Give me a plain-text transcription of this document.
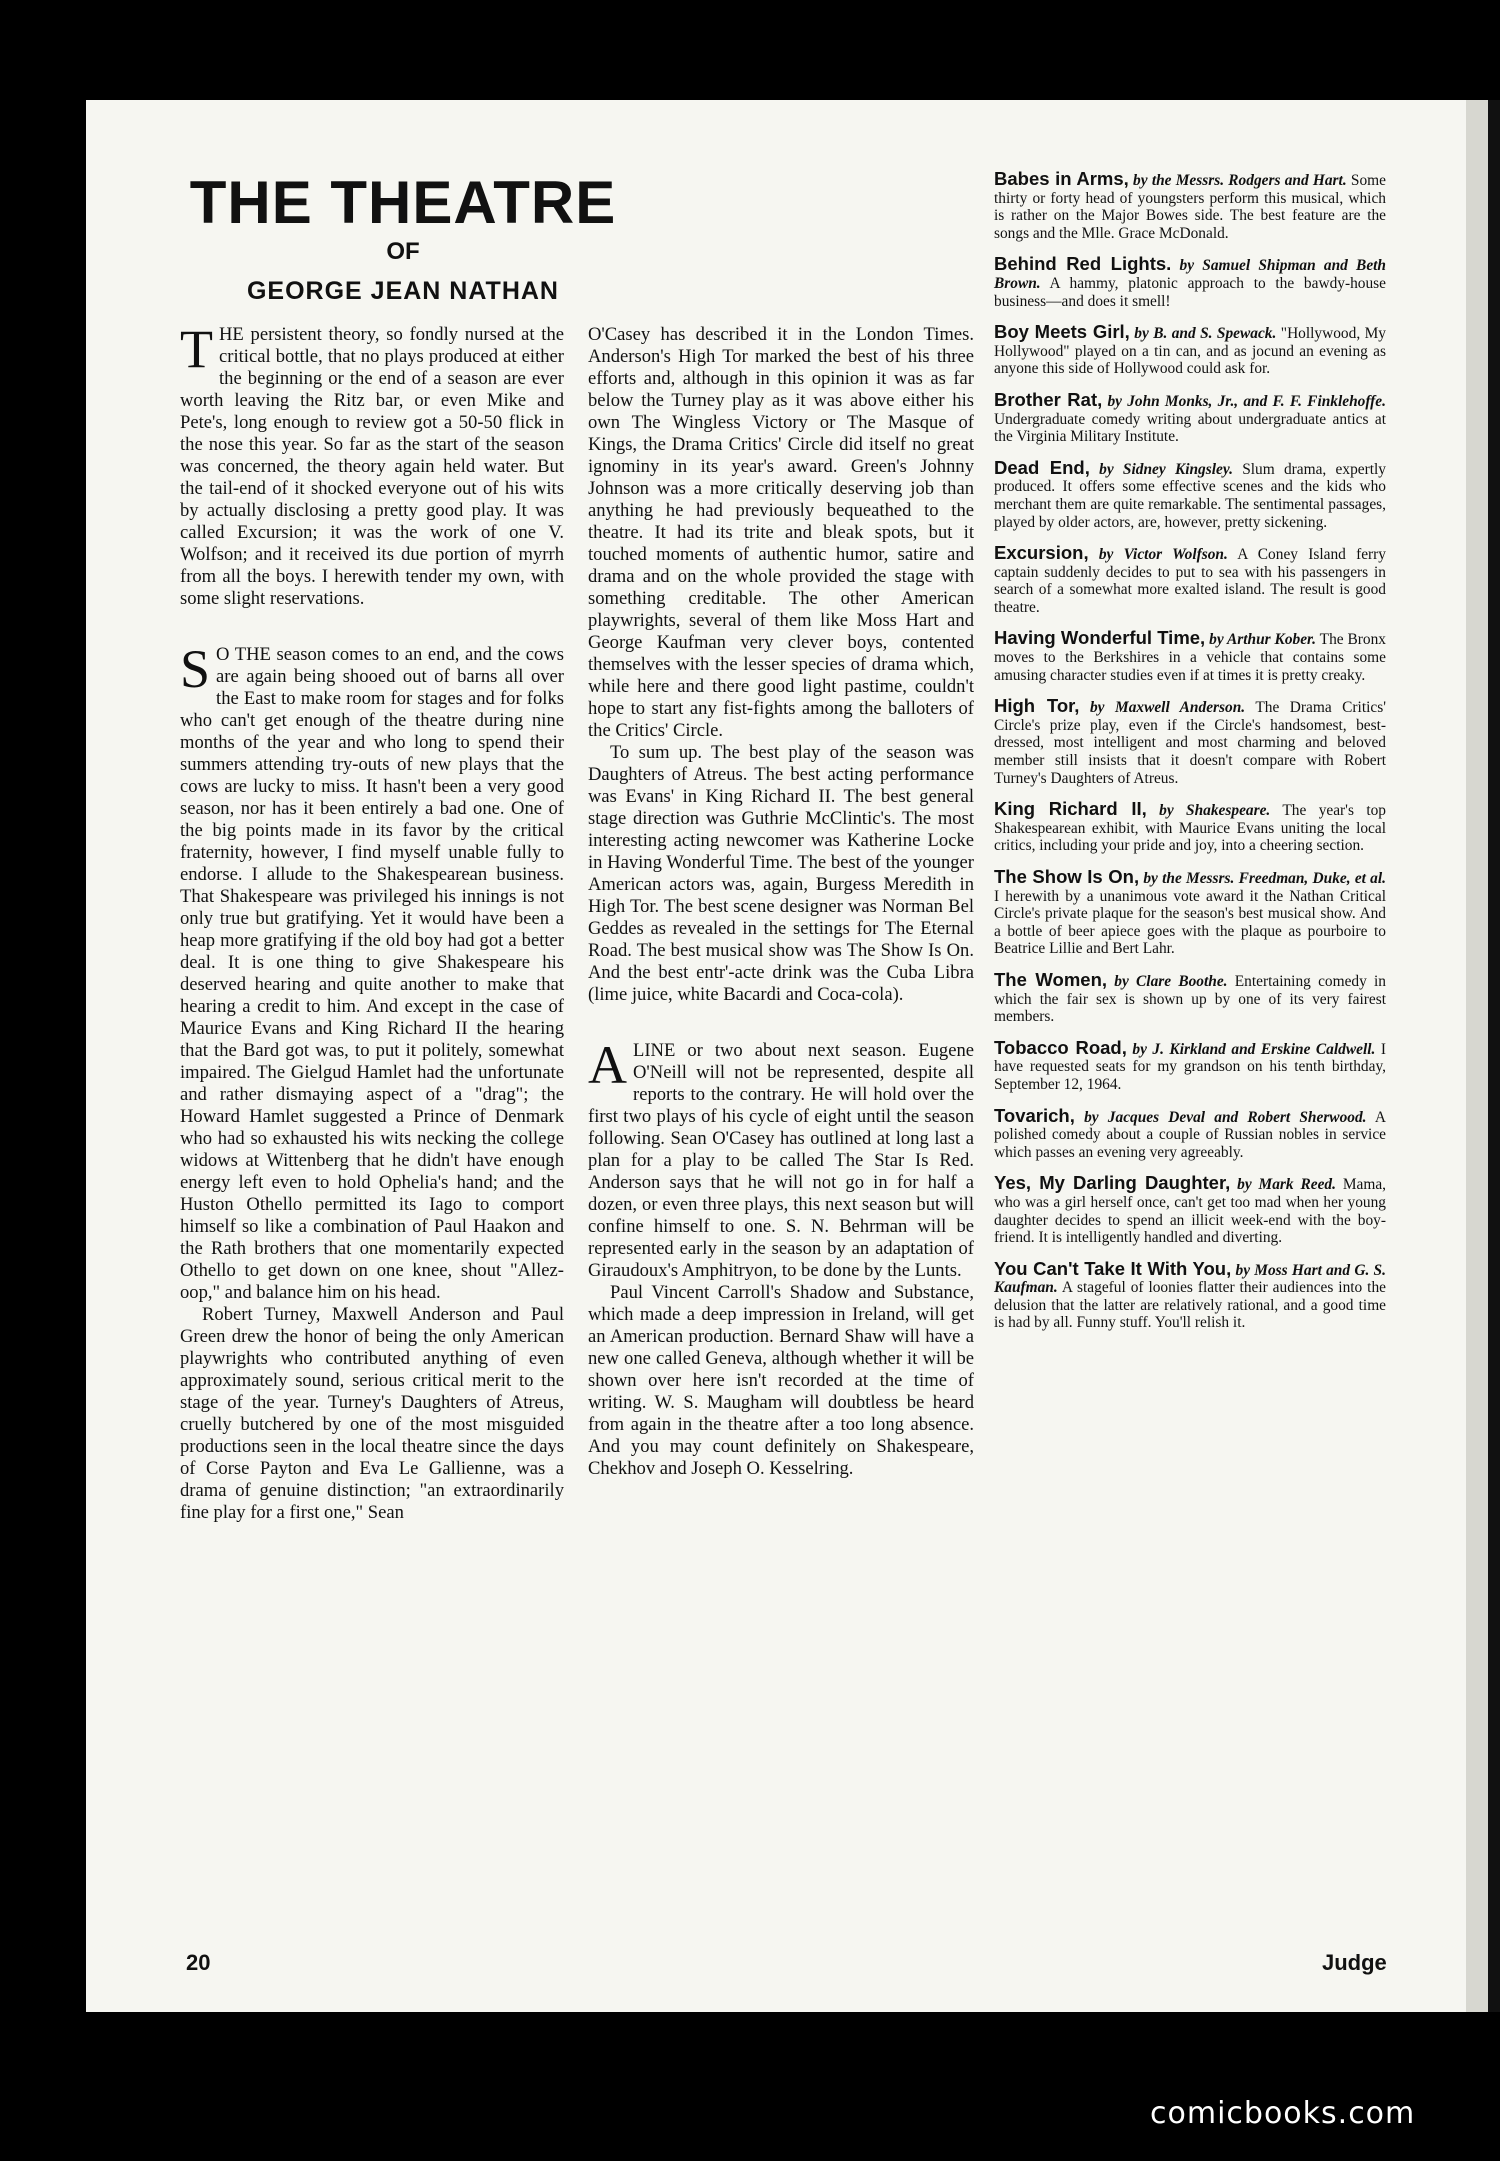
THE THEATRE
OF
GEORGE JEAN NATHAN

THE persistent theory, so fondly nursed at the critical bottle, that no plays produced at either the beginning or the end of a season are ever worth leaving the Ritz bar, or even Mike and Pete's, long enough to review got a 50-50 flick in the nose this year. So far as the start of the season was concerned, the theory again held water. But the tail-end of it shocked everyone out of his wits by actually disclosing a pretty good play. It was called Excursion; it was the work of one V. Wolfson; and it received its due portion of myrrh from all the boys. I herewith tender my own, with some slight reservations.

S O THE season comes to an end, and the cows are again being shooed out of barns all over the East to make room for stages and for folks who can't get enough of the theatre during nine months of the year and who long to spend their summers attending try-outs of new plays that the cows are lucky to miss. It hasn't been a very good season, nor has it been entirely a bad one. One of the big points made in its favor by the critical fraternity, however, I find myself unable fully to endorse. I allude to the Shakespearean business. That Shakespeare was privileged his innings is not only true but gratifying. Yet it would have been a heap more gratifying if the old boy had got a better deal. It is one thing to give Shakespeare his deserved hearing and quite another to make that hearing a credit to him. And except in the case of Maurice Evans and King Richard II the hearing that the Bard got was, to put it politely, somewhat impaired. The Gielgud Hamlet had the unfortunate and rather dismaying aspect of a "drag"; the Howard Hamlet suggested a Prince of Denmark who had so exhausted his wits necking the college widows at Wittenberg that he didn't have enough energy left even to hold Ophelia's hand; and the Huston Othello permitted its Iago to comport himself so like a combination of Paul Haakon and the Rath brothers that one momentarily expected Othello to get down on one knee, shout "Allez-oop," and balance him on his head.

Robert Turney, Maxwell Anderson and Paul Green drew the honor of being the only American playwrights who contributed anything of even approximately sound, serious critical merit to the stage of the year. Turney's Daughters of Atreus, cruelly butchered by one of the most misguided productions seen in the local theatre since the days of Corse Payton and Eva Le Gallienne, was a drama of genuine distinction; "an extraordinarily fine play for a first one," Sean

O'Casey has described it in the London Times. Anderson's High Tor marked the best of his three efforts and, although in this opinion it was as far below the Turney play as it was above either his own The Wingless Victory or The Masque of Kings, the Drama Critics' Circle did itself no great ignominy in its year's award. Green's Johnny Johnson was a more critically deserving job than anything he had previously bequeathed to the theatre. It had its trite and bleak spots, but it touched moments of authentic humor, satire and drama and on the whole provided the stage with something creditable. The other American playwrights, several of them like Moss Hart and George Kaufman very clever boys, contented themselves with the lesser species of drama which, while here and there good light pastime, couldn't hope to start any fist-fights among the balloters of the Critics' Circle.

To sum up. The best play of the season was Daughters of Atreus. The best acting performance was Evans' in King Richard II. The best general stage direction was Guthrie McClintic's. The most interesting acting newcomer was Katherine Locke in Having Wonderful Time. The best of the younger American actors was, again, Burgess Meredith in High Tor. The best scene designer was Norman Bel Geddes as revealed in the settings for The Eternal Road. The best musical show was The Show Is On. And the best entr'-acte drink was the Cuba Libra (lime juice, white Bacardi and Coca-cola).

ALINE or two about next season. Eugene O'Neill will not be represented, despite all reports to the contrary. He will hold over the first two plays of his cycle of eight until the season following. Sean O'Casey has outlined at long last a plan for a play to be called The Star Is Red. Anderson says that he will not go in for half a dozen, or even three plays, this next season but will confine himself to one. S. N. Behrman will be represented early in the season by an adaptation of Giraudoux's Amphitryon, to be done by the Lunts.

Paul Vincent Carroll's Shadow and Substance, which made a deep impression in Ireland, will get an American production. Bernard Shaw will have a new one called Geneva, although whether it will be shown over here isn't recorded at the time of writing. W. S. Maugham will doubtless be heard from again in the theatre after a too long absence. And you may count definitely on Shakespeare, Chekhov and Joseph O. Kesselring.

Babes in Arms, by the Messrs. Rodgers and Hart. Some thirty or forty head of youngsters perform this musical, which is rather on the Major Bowes side. The best feature are the songs and the Mlle. Grace McDonald.
Behind Red Lights. by Samuel Shipman and Beth Brown. A hammy, platonic approach to the bawdy-house business—and does it smell!
Boy Meets Girl, by B. and S. Spewack. "Hollywood, My Hollywood" played on a tin can, and as jocund an evening as anyone this side of Hollywood could ask for.
Brother Rat, by John Monks, Jr., and F. F. Finklehoffe. Undergraduate comedy writing about undergraduate antics at the Virginia Military Institute.
Dead End, by Sidney Kingsley. Slum drama, expertly produced. It offers some effective scenes and the kids who merchant them are quite remarkable. The sentimental passages, played by older actors, are, however, pretty sickening.
Excursion, by Victor Wolfson. A Coney Island ferry captain suddenly decides to put to sea with his passengers in search of a somewhat more exalted island. The result is good theatre.
Having Wonderful Time, by Arthur Kober. The Bronx moves to the Berkshires in a vehicle that contains some amusing character studies even if at times it is pretty creaky.
High Tor, by Maxwell Anderson. The Drama Critics' Circle's prize play, even if the Circle's handsomest, best-dressed, most intelligent and most charming and beloved member still insists that it doesn't compare with Robert Turney's Daughters of Atreus.
King Richard II, by Shakespeare. The year's top Shakespearean exhibit, with Maurice Evans uniting the local critics, including your pride and joy, into a cheering section.
The Show Is On, by the Messrs. Freedman, Duke, et al. I herewith by a unanimous vote award it the Nathan Critical Circle's private plaque for the season's best musical show. And a bottle of beer apiece goes with the plaque as pourboire to Beatrice Lillie and Bert Lahr.
The Women, by Clare Boothe. Entertaining comedy in which the fair sex is shown up by one of its very fairest members.
Tobacco Road, by J. Kirkland and Erskine Caldwell. I have requested seats for my grandson on his tenth birthday, September 12, 1964.
Tovarich, by Jacques Deval and Robert Sherwood. A polished comedy about a couple of Russian nobles in service which passes an evening very agreeably.
Yes, My Darling Daughter, by Mark Reed. Mama, who was a girl herself once, can't get too mad when her young daughter decides to spend an illicit week-end with the boy-friend. It is intelligently handled and diverting.
You Can't Take It With You, by Moss Hart and G. S. Kaufman. A stageful of loonies flatter their audiences into the delusion that the latter are relatively rational, and a good time is had by all. Funny stuff. You'll relish it.
20	Judge
comicbooks.com
